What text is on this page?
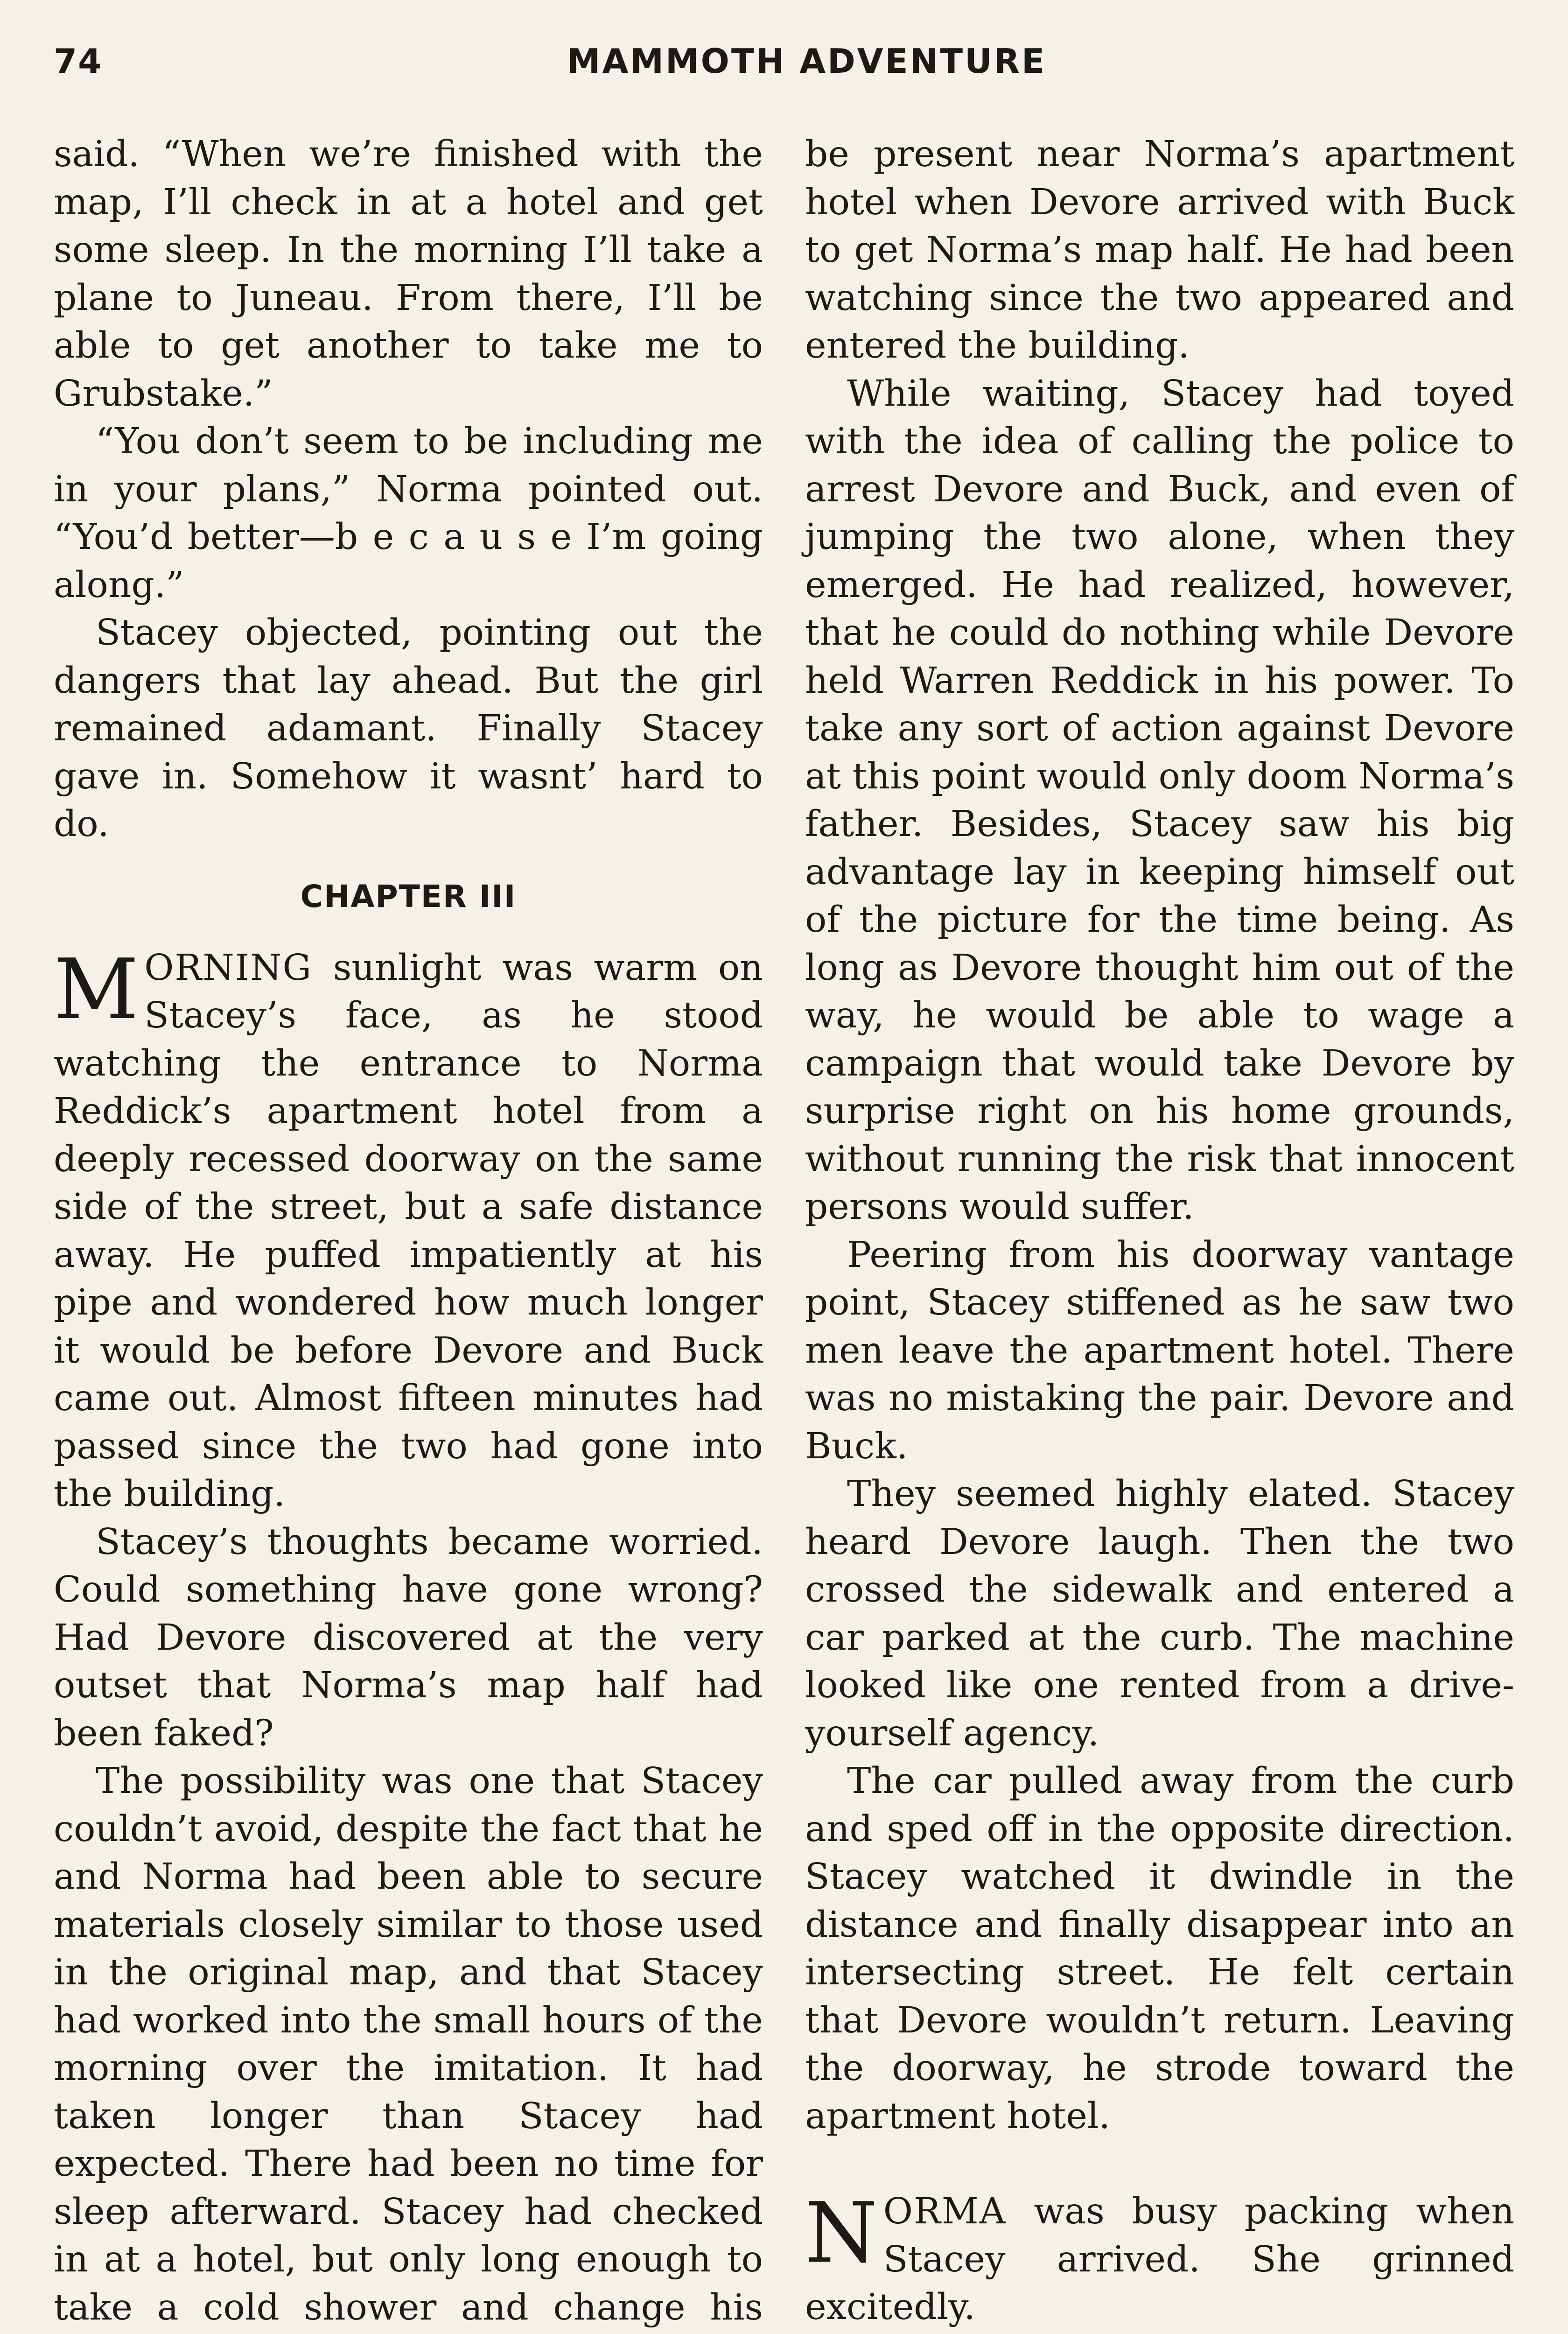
74	MAMMOTH ADVENTURE

said. “When we’re finished with the map, I’ll check in at a hotel and get some sleep. In the morning I’ll take a plane to Juneau. From there, I’ll be able to get another to take me to Grubstake.”

“You don’t seem to be including me in your plans,” Norma pointed out. “You’d better—b e c a u s e I’m going along.”

Stacey objected, pointing out the dangers that lay ahead. But the girl remained adamant. Finally Stacey gave in. Somehow it wasnt’ hard to do.

CHAPTER III

MORNING sunlight was warm on Stacey’s face, as he stood watching the entrance to Norma Reddick’s apartment hotel from a deeply recessed doorway on the same side of the street, but a safe distance away. He puffed impatiently at his pipe and wondered how much longer it would be before Devore and Buck came out. Almost fifteen minutes had passed since the two had gone into the building.

Stacey’s thoughts became worried. Could something have gone wrong? Had Devore discovered at the very outset that Norma’s map half had been faked?

The possibility was one that Stacey couldn’t avoid, despite the fact that he and Norma had been able to secure materials closely similar to those used in the original map, and that Stacey had worked into the small hours of the morning over the imitation. It had taken longer than Stacey had expected. There had been no time for sleep afterward. Stacey had checked in at a hotel, but only long enough to take a cold shower and change his

be present near Norma’s apartment hotel when Devore arrived with Buck to get Norma’s map half. He had been watching since the two appeared and entered the building.

While waiting, Stacey had toyed with the idea of calling the police to arrest Devore and Buck, and even of jumping the two alone, when they emerged. He had realized, however, that he could do nothing while Devore held Warren Reddick in his power. To take any sort of action against Devore at this point would only doom Norma’s father. Besides, Stacey saw his big advantage lay in keeping himself out of the picture for the time being. As long as Devore thought him out of the way, he would be able to wage a campaign that would take Devore by surprise right on his home grounds, without running the risk that innocent persons would suffer.

Peering from his doorway vantage point, Stacey stiffened as he saw two men leave the apartment hotel. There was no mistaking the pair. Devore and Buck.

They seemed highly elated. Stacey heard Devore laugh. Then the two crossed the sidewalk and entered a car parked at the curb. The machine looked like one rented from a drive-yourself agency.

The car pulled away from the curb and sped off in the opposite direction. Stacey watched it dwindle in the distance and finally disappear into an intersecting street. He felt certain that Devore wouldn’t return. Leaving the doorway, he strode toward the apartment hotel.

NORMA was busy packing when Stacey arrived. She grinned excitedly.
